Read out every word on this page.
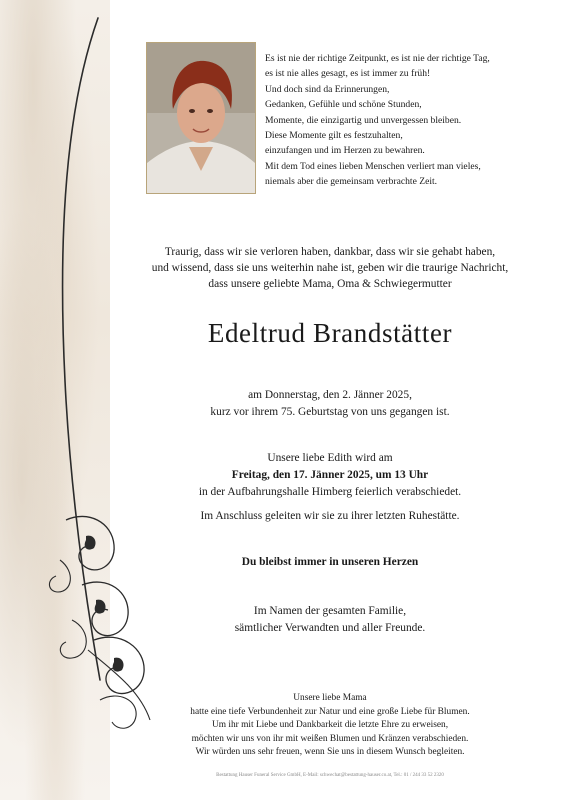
Es ist nie der richtige Zeitpunkt, es ist nie der richtige Tag,
es ist nie alles gesagt, es ist immer zu früh!
Und doch sind da Erinnerungen,
Gedanken, Gefühle und schöne Stunden,
Momente, die einzigartig und unvergessen bleiben.
Diese Momente gilt es festzuhalten,
einzufangen und im Herzen zu bewahren.
Mit dem Tod eines lieben Menschen verliert man vieles,
niemals aber die gemeinsam verbrachte Zeit.
Traurig, dass wir sie verloren haben, dankbar, dass wir sie gehabt haben,
und wissend, dass sie uns weiterhin nahe ist, geben wir die traurige Nachricht,
dass unsere geliebte Mama, Oma & Schwiegermutter
Edeltrud Brandstätter
am Donnerstag, den 2. Jänner 2025,
kurz vor ihrem 75. Geburtstag von uns gegangen ist.
Unsere liebe Edith wird am
Freitag, den 17. Jänner 2025, um 13 Uhr
in der Aufbahrungshalle Himberg feierlich verabschiedet.
Im Anschluss geleiten wir sie zu ihrer letzten Ruhestätte.
Du bleibst immer in unseren Herzen
Im Namen der gesamten Familie,
sämtlicher Verwandten und aller Freunde.
Unsere liebe Mama
hatte eine tiefe Verbundenheit zur Natur und eine große Liebe für Blumen.
Um ihr mit Liebe und Dankbarkeit die letzte Ehre zu erweisen,
möchten wir uns von ihr mit weißen Blumen und Kränzen verabschieden.
Wir würden uns sehr freuen, wenn Sie uns in diesem Wunsch begleiten.
Bestattung Hauser Funeral Service GmbH, E-Mail: schwechat@bestattung-hauser.co.at, Tel.: 01 / 244 33 52 2320
